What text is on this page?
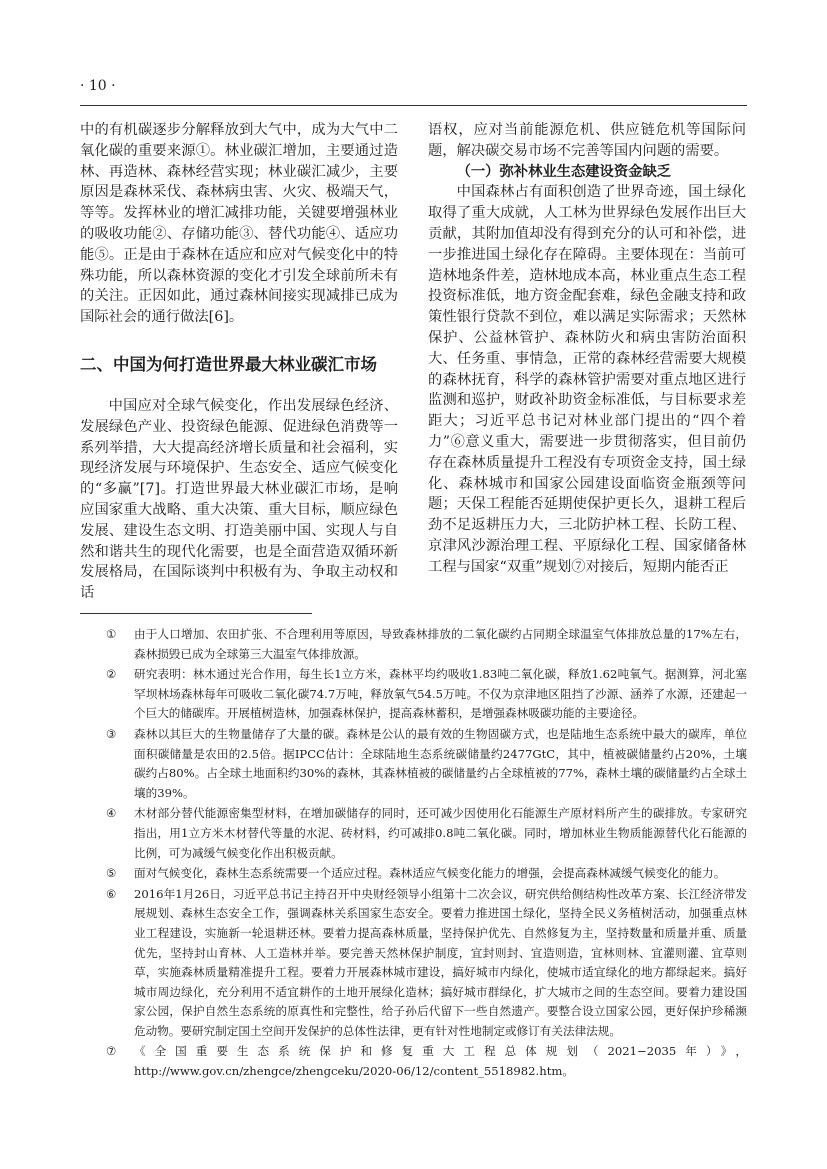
· 10 ·

中的有机碳逐步分解释放到大气中，成为大气中二氧化碳的重要来源①。林业碳汇增加，主要通过造林、再造林、森林经营实现；林业碳汇减少，主要原因是森林采伐、森林病虫害、火灾、极端天气，等等。发挥林业的增汇减排功能，关键要增强林业的吸收功能②、存储功能③、替代功能④、适应功能⑤。正是由于森林在适应和应对气候变化中的特殊功能，所以森林资源的变化才引发全球前所未有的关注。正因如此，通过森林间接实现减排已成为国际社会的通行做法[6]。

二、中国为何打造世界最大林业碳汇市场

中国应对全球气候变化，作出发展绿色经济、发展绿色产业、投资绿色能源、促进绿色消费等一系列举措，大大提高经济增长质量和社会福利，实现经济发展与环境保护、生态安全、适应气候变化的“多赢”[7]。打造世界最大林业碳汇市场，是响应国家重大战略、重大决策、重大目标，顺应绿色发展、建设生态文明、打造美丽中国、实现人与自然和谐共生的现代化需要，也是全面营造双循环新发展格局，在国际谈判中积极有为、争取主动权和话

语权，应对当前能源危机、供应链危机等国际问题，解决碳交易市场不完善等国内问题的需要。

（一）弥补林业生态建设资金缺乏

中国森林占有面积创造了世界奇迹，国土绿化取得了重大成就，人工林为世界绿色发展作出巨大贡献，其附加值却没有得到充分的认可和补偿，进一步推进国土绿化存在障碍。主要体现在：当前可造林地条件差，造林地成本高，林业重点生态工程投资标准低，地方资金配套难，绿色金融支持和政策性银行贷款不到位，难以满足实际需求；天然林保护、公益林管护、森林防火和病虫害防治面积大、任务重、事情急，正常的森林经营需要大规模的森林抚育，科学的森林管护需要对重点地区进行监测和巡护，财政补助资金标准低，与目标要求差距大；习近平总书记对林业部门提出的“四个着力”⑥意义重大，需要进一步贯彻落实，但目前仍存在森林质量提升工程没有专项资金支持，国土绿化、森林城市和国家公园建设面临资金瓶颈等问题；天保工程能否延期使保护更长久，退耕工程后劲不足返耕压力大，三北防护林工程、长防工程、京津风沙源治理工程、平原绿化工程、国家储备林工程与国家“双重”规划⑦对接后，短期内能否正

①	由于人口增加、农田扩张、不合理利用等原因，导致森林排放的二氧化碳约占同期全球温室气体排放总量的17%左右，森林损毁已成为全球第三大温室气体排放源。
②	研究表明：林木通过光合作用，每生长1立方米，森林平均约吸收1.83吨二氧化碳，释放1.62吨氧气。据测算，河北塞罕坝林场森林每年可吸收二氧化碳74.7万吨，释放氧气54.5万吨。不仅为京津地区阻挡了沙源、涵养了水源，还建起一个巨大的储碳库。开展植树造林，加强森林保护，提高森林蓄积，是增强森林吸碳功能的主要途径。
③	森林以其巨大的生物量储存了大量的碳。森林是公认的最有效的生物固碳方式，也是陆地生态系统中最大的碳库，单位面积碳储量是农田的2.5倍。据IPCC估计：全球陆地生态系统碳储量约2477GtC，其中，植被碳储量约占20%，土壤碳约占80%。占全球土地面积约30%的森林，其森林植被的碳储量约占全球植被的77%，森林土壤的碳储量约占全球土壤的39%。
④	木材部分替代能源密集型材料，在增加碳储存的同时，还可减少因使用化石能源生产原材料所产生的碳排放。专家研究指出，用1立方米木材替代等量的水泥、砖材料，约可减排0.8吨二氧化碳。同时，增加林业生物质能源替代化石能源的比例，可为减缓气候变化作出积极贡献。
⑤	面对气候变化，森林生态系统需要一个适应过程。森林适应气候变化能力的增强，会提高森林减缓气候变化的能力。
⑥	2016年1月26日，习近平总书记主持召开中央财经领导小组第十二次会议，研究供给侧结构性改革方案、长江经济带发展规划、森林生态安全工作，强调森林关系国家生态安全。要着力推进国土绿化，坚持全民义务植树活动，加强重点林业工程建设，实施新一轮退耕还林。要着力提高森林质量，坚持保护优先、自然修复为主，坚持数量和质量并重、质量优先，坚持封山育林、人工造林并举。要完善天然林保护制度，宜封则封、宜造则造，宜林则林、宜灌则灌、宜草则草，实施森林质量精准提升工程。要着力开展森林城市建设，搞好城市内绿化，使城市适宜绿化的地方都绿起来。搞好城市周边绿化，充分利用不适宜耕作的土地开展绿化造林；搞好城市群绿化，扩大城市之间的生态空间。要着力建设国家公园，保护自然生态系统的原真性和完整性，给子孙后代留下一些自然遗产。要整合设立国家公园，更好保护珍稀濒危动物。要研究制定国土空间开发保护的总体性法律，更有针对性地制定或修订有关法律法规。
⑦	《全国重要生态系统保护和修复重大工程总体规划（2021−2035年）》，http://www.gov.cn/zhengce/zhengceku/2020-06/12/content_5518982.htm。
